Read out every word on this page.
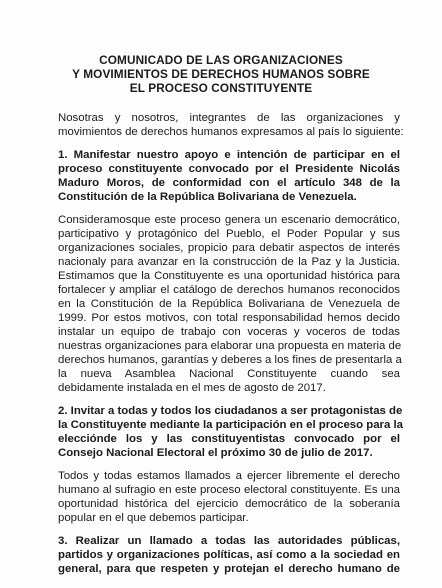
COMUNICADO DE LAS ORGANIZACIONES
Y MOVIMIENTOS DE DERECHOS HUMANOS SOBRE
EL PROCESO CONSTITUYENTE
Nosotras y nosotros, integrantes de las organizaciones y
movimientos de derechos humanos expresamos al país lo siguiente:
1. Manifestar nuestro apoyo e intención de participar en el
proceso constituyente convocado por el Presidente Nicolás
Maduro Moros, de conformidad con el artículo 348 de la
Constitución de la República Bolivariana de Venezuela.
Consideramosque este proceso genera un escenario democrático,
participativo y protagónico del Pueblo, el Poder Popular y sus
organizaciones sociales, propicio para debatir aspectos de interés
nacionaly para avanzar en la construcción de la Paz y la Justicia.
Estimamos que la Constituyente es una oportunidad histórica para
fortalecer y ampliar el catálogo de derechos humanos reconocidos
en la Constitución de la República Bolivariana de Venezuela de
1999. Por estos motivos, con total responsabilidad hemos decido
instalar un equipo de trabajo con voceras y voceros de todas
nuestras organizaciones para elaborar una propuesta en materia de
derechos humanos, garantías y deberes a los fines de presentarla a
la nueva Asamblea Nacional Constituyente cuando sea
debidamente instalada en el mes de agosto de 2017.
2. Invitar a todas y todos los ciudadanos a ser protagonistas de
la Constituyente mediante la participación en el proceso para la
elecciónde los y las constituyentistas convocado por el
Consejo Nacional Electoral el próximo 30 de julio de 2017.
Todos y todas estamos llamados a ejercer libremente el derecho
humano al sufragio en este proceso electoral constituyente. Es una
oportunidad histórica del ejercicio democrático de la soberanía
popular en el que debemos participar.
3. Realizar un llamado a todas las autoridades públicas,
partidos y organizaciones políticas, así como a la sociedad en
general, para que respeten y protejan el derecho humano de
